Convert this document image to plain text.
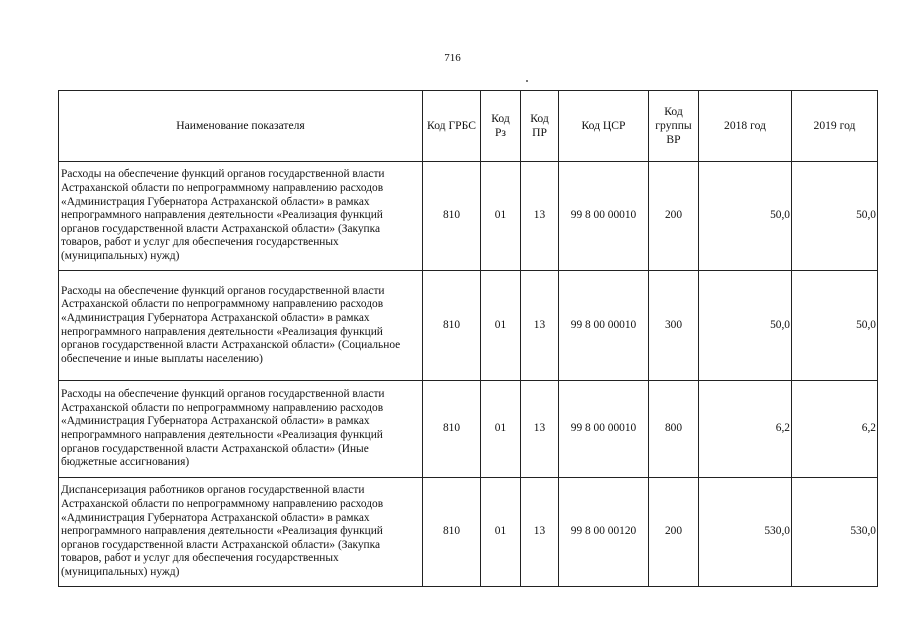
716
Наименование показателя	Код ГРБС	Код Рз	Код ПР	Код ЦСР	Код группы ВР	2018 год	2019 год
Расходы на обеспечение функций органов государственной власти Астраханской области по непрограммному направлению расходов «Администрация Губернатора Астраханской области» в рамках непрограммного направления деятельности «Реализация функций органов государственной власти Астраханской области» (Закупка товаров, работ и услуг для обеспечения государственных (муниципальных) нужд)	810	01	13	99 8 00 00010	200	50,0	50,0
Расходы на обеспечение функций органов государственной власти Астраханской области по непрограммному направлению расходов «Администрация Губернатора Астраханской области» в рамках непрограммного направления деятельности «Реализация функций органов государственной власти Астраханской области» (Социальное обеспечение и иные выплаты населению)	810	01	13	99 8 00 00010	300	50,0	50,0
Расходы на обеспечение функций органов государственной власти Астраханской области по непрограммному направлению расходов «Администрация Губернатора Астраханской области» в рамках непрограммного направления деятельности «Реализация функций органов государственной власти Астраханской области» (Иные бюджетные ассигнования)	810	01	13	99 8 00 00010	800	6,2	6,2
Диспансеризация работников органов государственной власти Астраханской области по непрограммному направлению расходов «Администрация Губернатора Астраханской области» в рамках непрограммного направления деятельности «Реализация функций органов государственной власти Астраханской области» (Закупка товаров, работ и услуг для обеспечения государственных (муниципальных) нужд)	810	01	13	99 8 00 00120	200	530,0	530,0
